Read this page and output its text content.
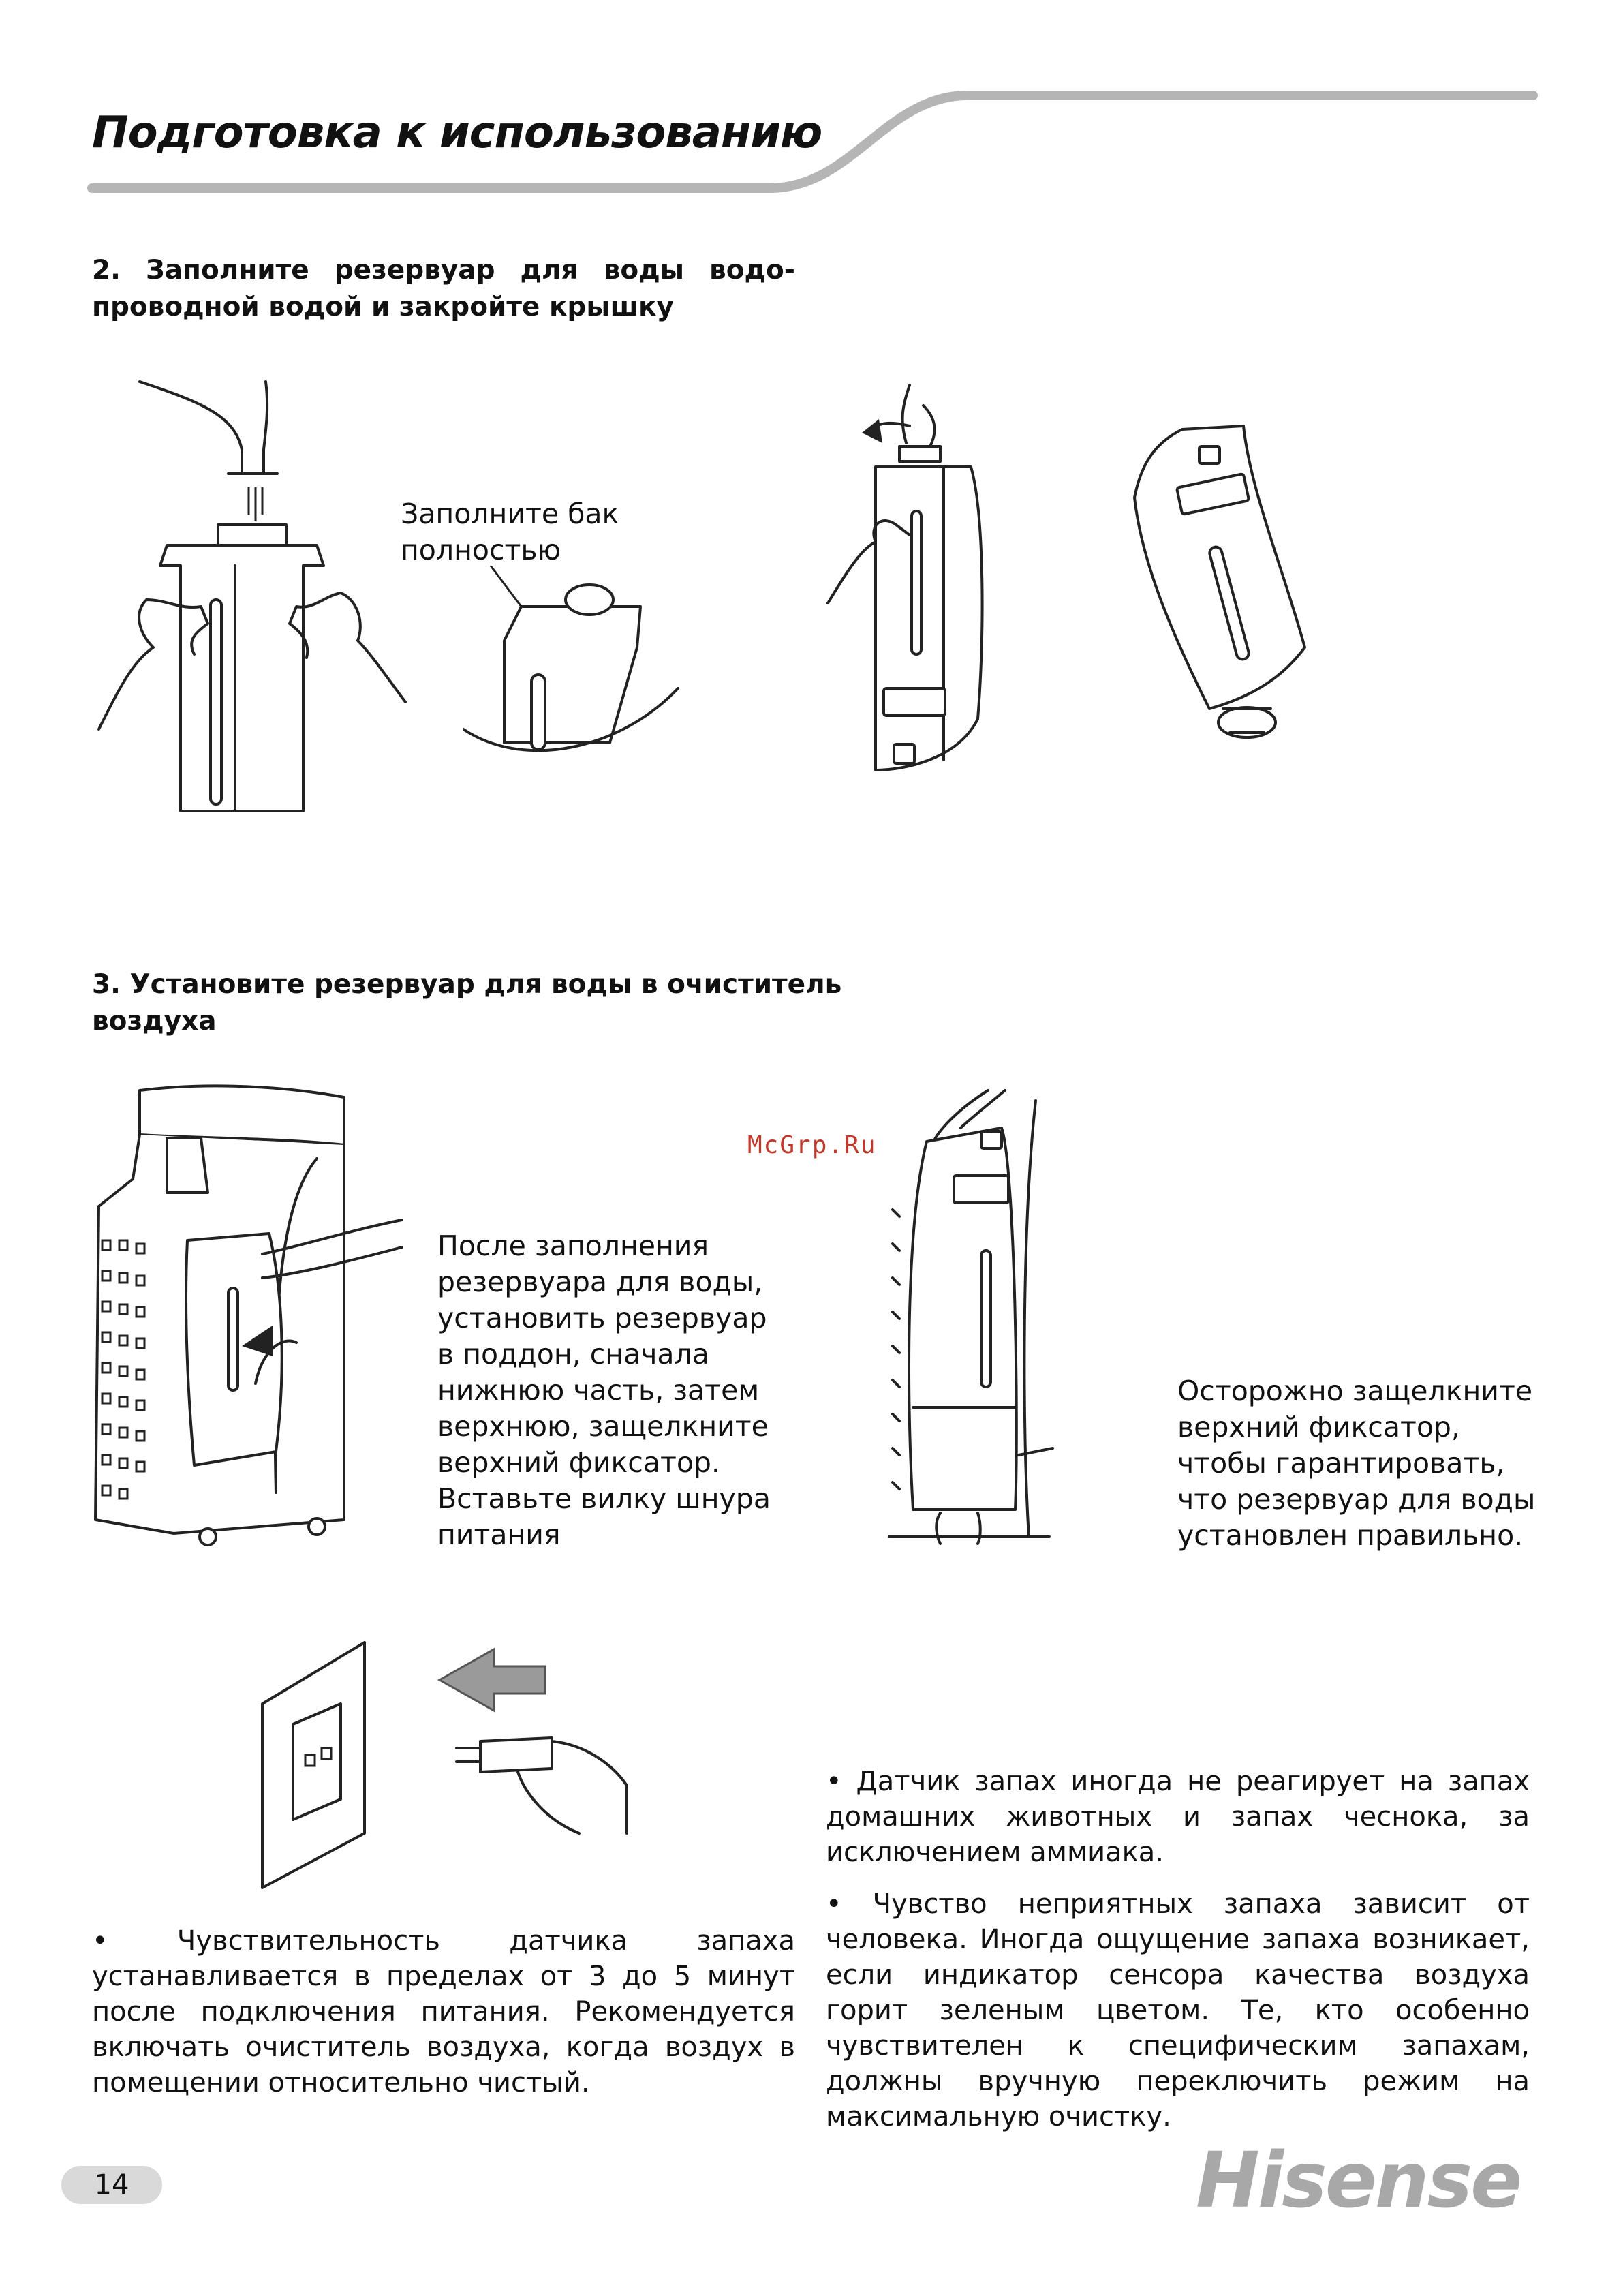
Подготовка к использованию
2. Заполните резервуар для воды водо-
проводной водой и закройте крышку
Заполните бак
полностью
3. Установите резервуар для воды в очиститель
воздуха
McGrp.Ru
После заполнения
резервуара для воды,
установить резервуар
в поддон, сначала
нижнюю часть, затем
верхнюю, защелкните
верхний фиксатор.
Вставьте вилку шнура
питания
Осторожно защелкните
верхний фиксатор,
чтобы гарантировать,
что резервуар для воды
установлен правильно.
• Чувствительность датчика запаха устанавливается в пределах от 3 до 5 минут после подключения питания. Рекомендуется включать очиститель воздуха, когда воздух в помещении относительно чистый.
• Датчик запах иногда не реагирует на запах домашних животных и запах чеснока, за исключением аммиака.
• Чувство неприятных запаха зависит от человека. Иногда ощущение запаха возникает, если индикатор сенсора качества воздуха горит зеленым цветом. Те, кто особенно чувствителен к специфическим запахам, должны вручную переключить режим на максимальную очистку.
14	Hisense
